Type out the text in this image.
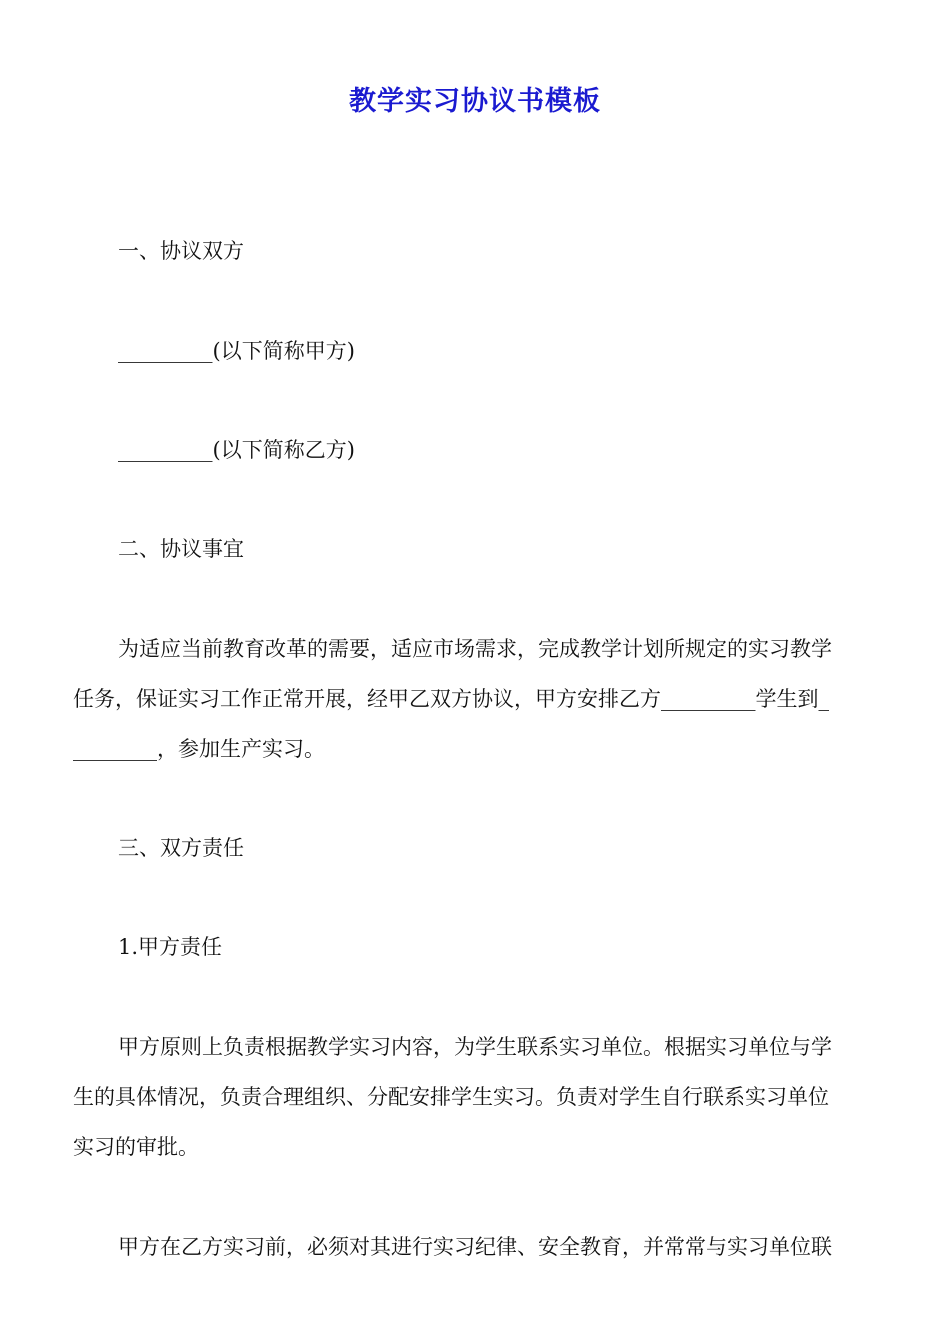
教学实习协议书模板
一、协议双方
_________(以下简称甲方)
_________(以下简称乙方)
二、协议事宜
为适应当前教育改革的需要，适应市场需求，完成教学计划所规定的实习教学
任务，保证实习工作正常开展，经甲乙双方协议，甲方安排乙方_________学生到_
________，参加生产实习。
三、双方责任
1.甲方责任
甲方原则上负责根据教学实习内容，为学生联系实习单位。根据实习单位与学
生的具体情况，负责合理组织、分配安排学生实习。负责对学生自行联系实习单位
实习的审批。
甲方在乙方实习前，必须对其进行实习纪律、安全教育，并常常与实习单位联
